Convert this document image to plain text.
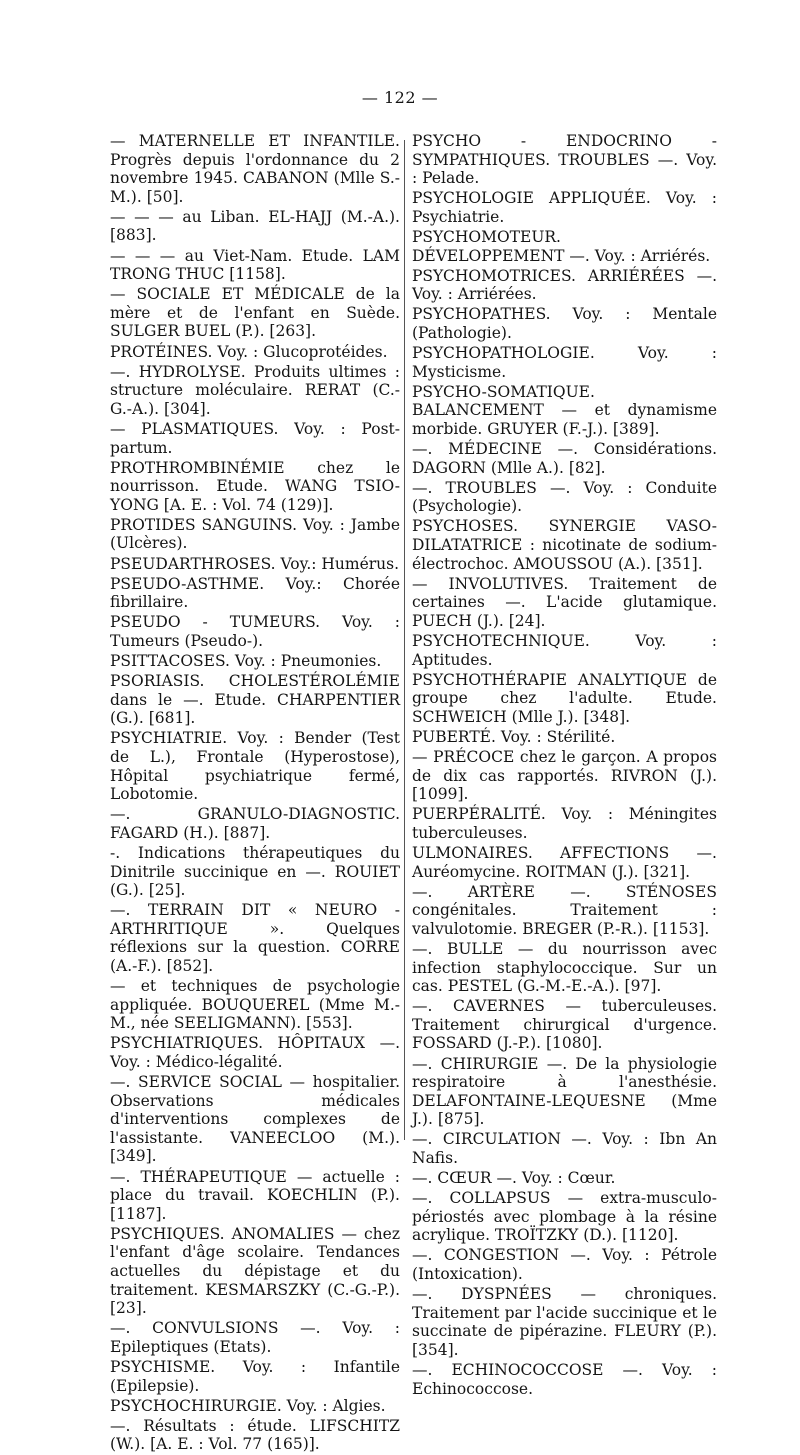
— 122 —

— MATERNELLE ET INFANTILE. Progrès depuis l'ordonnance du 2 novembre 1945. CABANON (Mlle S.-M.). [50].

— — — au Liban. EL-HAJJ (M.-A.). [883].

— — — au Viet-Nam. Etude. LAM TRONG THUC [1158].

— SOCIALE ET MÉDICALE de la mère et de l'enfant en Suède. SULGER BUEL (P.). [263].

PROTÉINES. Voy. : Glucoprotéides.

—. HYDROLYSE. Produits ultimes : structure moléculaire. RERAT (C.-G.-A.). [304].

— PLASMATIQUES. Voy. : Post-partum.

PROTHROMBINÉMIE chez le nourrisson. Etude. WANG TSIO-YONG [A. E. : Vol. 74 (129)].

PROTIDES SANGUINS. Voy. : Jambe (Ulcères).

PSEUDARTHROSES. Voy.: Humérus.

PSEUDO-ASTHME. Voy.: Chorée fibrillaire.

PSEUDO - TUMEURS. Voy. : Tumeurs (Pseudo-).

PSITTACOSES. Voy. : Pneumonies.

PSORIASIS. CHOLESTÉROLÉMIE dans le —. Etude. CHARPENTIER (G.). [681].

PSYCHIATRIE. Voy. : Bender (Test de L.), Frontale (Hyperostose), Hôpital psychiatrique fermé, Lobotomie.

—. GRANULO-DIAGNOSTIC. FAGARD (H.). [887].

-. Indications thérapeutiques du Dinitrile succinique en —. ROUIET (G.). [25].

—. TERRAIN DIT « NEURO - ARTHRITIQUE ». Quelques réflexions sur la question. CORRE (A.-F.). [852].

— et techniques de psychologie appliquée. BOUQUEREL (Mme M.-M., née SEELIGMANN). [553].

PSYCHIATRIQUES. HÔPITAUX —. Voy. : Médico-légalité.

—. SERVICE SOCIAL — hospitalier. Observations médicales d'interventions complexes de l'assistante. VANEECLOO (M.). [349].

—. THÉRAPEUTIQUE — actuelle : place du travail. KOECHLIN (P.). [1187].

PSYCHIQUES. ANOMALIES — chez l'enfant d'âge scolaire. Tendances actuelles du dépistage et du traitement. KESMARSZKY (C.-G.-P.). [23].

—. CONVULSIONS —. Voy. : Epileptiques (Etats).

PSYCHISME. Voy. : Infantile (Epilepsie).

PSYCHOCHIRURGIE. Voy. : Algies.

—. Résultats : étude. LIFSCHITZ (W.). [A. E. : Vol. 77 (165)].

PSYCHO - ENDOCRINO - SYMPATHIQUES. TROUBLES —. Voy. : Pelade.

PSYCHOLOGIE APPLIQUÉE. Voy. : Psychiatrie.

PSYCHOMOTEUR. DÉVELOPPEMENT —. Voy. : Arriérés.

PSYCHOMOTRICES. ARRIÉRÉES —. Voy. : Arriérées.

PSYCHOPATHES. Voy. : Mentale (Pathologie).

PSYCHOPATHOLOGIE. Voy. : Mysticisme.

PSYCHO-SOMATIQUE. BALANCEMENT — et dynamisme morbide. GRUYER (F.-J.). [389].

—. MÉDECINE —. Considérations. DAGORN (Mlle A.). [82].

—. TROUBLES —. Voy. : Conduite (Psychologie).

PSYCHOSES. SYNERGIE VASO-DILATATRICE : nicotinate de sodium-électrochoc. AMOUSSOU (A.). [351].

— INVOLUTIVES. Traitement de certaines —. L'acide glutamique. PUECH (J.). [24].

PSYCHOTECHNIQUE. Voy. : Aptitudes.

PSYCHOTHÉRAPIE ANALYTIQUE de groupe chez l'adulte. Etude. SCHWEICH (Mlle J.). [348].

PUBERTÉ. Voy. : Stérilité.

— PRÉCOCE chez le garçon. A propos de dix cas rapportés. RIVRON (J.). [1099].

PUERPÉRALITÉ. Voy. : Méningites tuberculeuses.

ULMONAIRES. AFFECTIONS —. Auréomycine. ROITMAN (J.). [321].

—. ARTÈRE —. STÉNOSES congénitales. Traitement : valvulotomie. BREGER (P.-R.). [1153].

—. BULLE — du nourrisson avec infection staphylococcique. Sur un cas. PESTEL (G.-M.-E.-A.). [97].

—. CAVERNES — tuberculeuses. Traitement chirurgical d'urgence. FOSSARD (J.-P.). [1080].

—. CHIRURGIE —. De la physiologie respiratoire à l'anesthésie. DELAFONTAINE-LEQUESNE (Mme J.). [875].

—. CIRCULATION —. Voy. : Ibn An Nafis.

—. CŒUR —. Voy. : Cœur.

—. COLLAPSUS — extra-musculo-périostés avec plombage à la résine acrylique. TROÏTZKY (D.). [1120].

—. CONGESTION —. Voy. : Pétrole (Intoxication).

—. DYSPNÉES — chroniques. Traitement par l'acide succinique et le succinate de pipérazine. FLEURY (P.). [354].

—. ECHINOCOCCOSE —. Voy. : Echinococcose.
